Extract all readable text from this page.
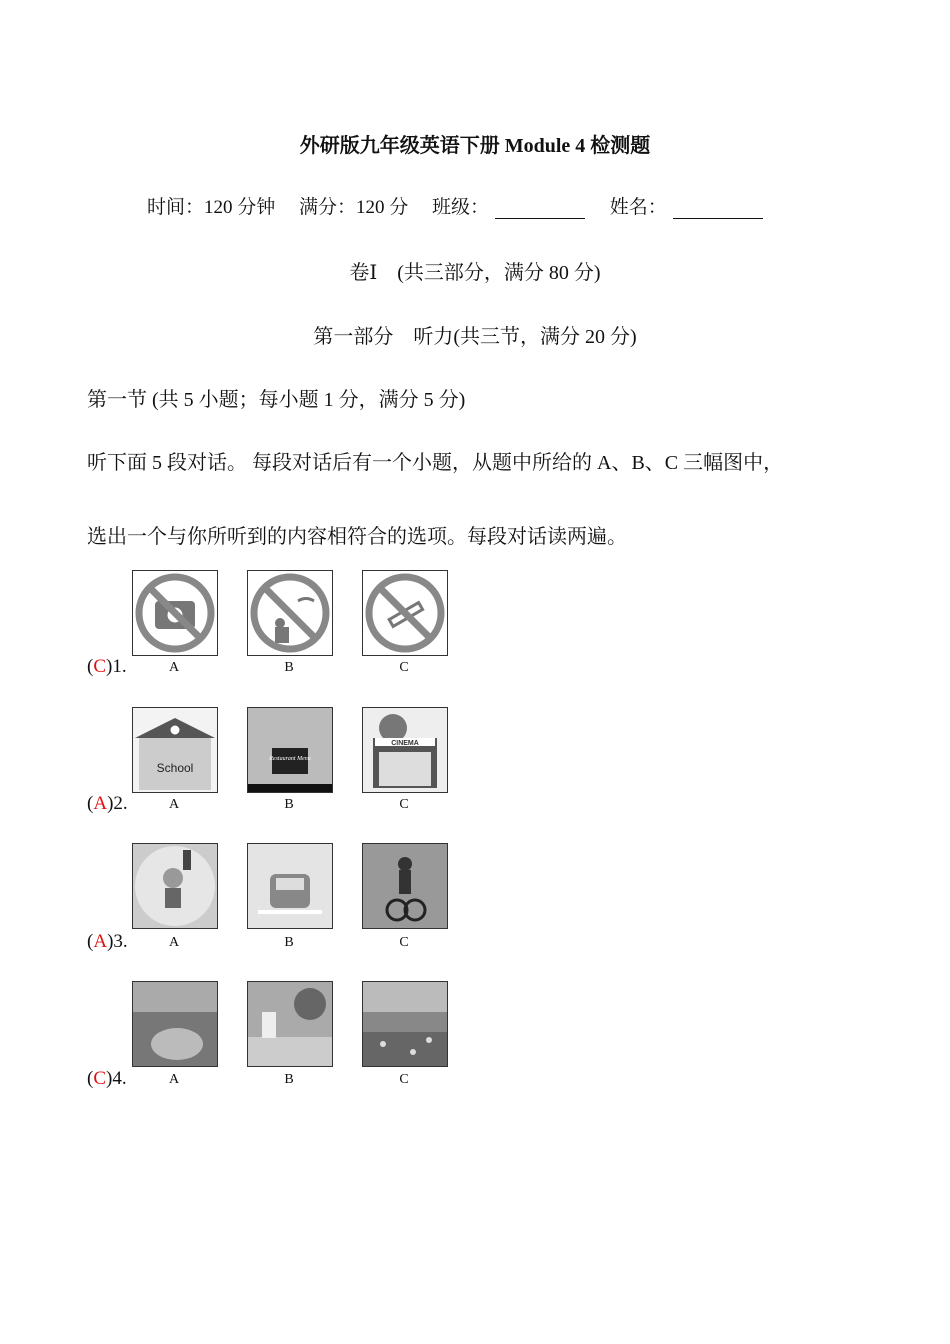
外研版九年级英语下册 Module 4 检测题
时间：120 分钟  满分：120 分  班级：	姓名：
卷Ⅰ　(共三部分，满分 80 分)
第一部分　听力(共三节，满分 20 分)
第一节 (共 5 小题；每小题 1 分，满分 5 分)
听下面 5 段对话。 每段对话后有一个小题，从题中所给的 A、B、C 三幅图中，
选出一个与你所听到的内容相符合的选项。每段对话读两遍。
(C)1.	A	B	C
School
Restaurant Menu
CINEMA
(A)2.	A	B	C
(A)3.	A	B	C
(C)4.	A	B	C
